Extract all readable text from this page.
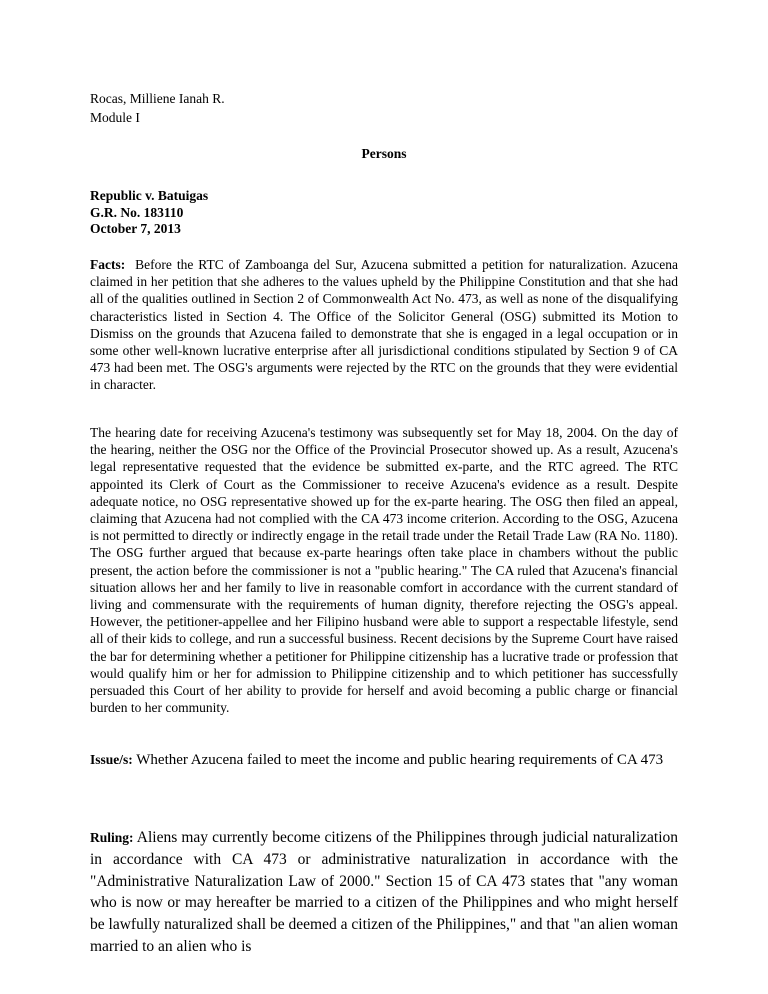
Rocas, Milliene Ianah R.
Module I
Persons
Republic v. Batuigas
G.R. No. 183110
October 7, 2013

Facts: Before the RTC of Zamboanga del Sur, Azucena submitted a petition for naturalization. Azucena claimed in her petition that she adheres to the values upheld by the Philippine Constitution and that she had all of the qualities outlined in Section 2 of Commonwealth Act No. 473, as well as none of the disqualifying characteristics listed in Section 4. The Office of the Solicitor General (OSG) submitted its Motion to Dismiss on the grounds that Azucena failed to demonstrate that she is engaged in a legal occupation or in some other well-known lucrative enterprise after all jurisdictional conditions stipulated by Section 9 of CA 473 had been met. The OSG's arguments were rejected by the RTC on the grounds that they were evidential in character.

The hearing date for receiving Azucena's testimony was subsequently set for May 18, 2004. On the day of the hearing, neither the OSG nor the Office of the Provincial Prosecutor showed up. As a result, Azucena's legal representative requested that the evidence be submitted ex-parte, and the RTC agreed. The RTC appointed its Clerk of Court as the Commissioner to receive Azucena's evidence as a result. Despite adequate notice, no OSG representative showed up for the ex-parte hearing. The OSG then filed an appeal, claiming that Azucena had not complied with the CA 473 income criterion. According to the OSG, Azucena is not permitted to directly or indirectly engage in the retail trade under the Retail Trade Law (RA No. 1180). The OSG further argued that because ex-parte hearings often take place in chambers without the public present, the action before the commissioner is not a "public hearing." The CA ruled that Azucena's financial situation allows her and her family to live in reasonable comfort in accordance with the current standard of living and commensurate with the requirements of human dignity, therefore rejecting the OSG's appeal. However, the petitioner-appellee and her Filipino husband were able to support a respectable lifestyle, send all of their kids to college, and run a successful business. Recent decisions by the Supreme Court have raised the bar for determining whether a petitioner for Philippine citizenship has a lucrative trade or profession that would qualify him or her for admission to Philippine citizenship and to which petitioner has successfully persuaded this Court of her ability to provide for herself and avoid becoming a public charge or financial burden to her community.

Issue/s: Whether Azucena failed to meet the income and public hearing requirements of CA 473

Ruling: Aliens may currently become citizens of the Philippines through judicial naturalization in accordance with CA 473 or administrative naturalization in accordance with the "Administrative Naturalization Law of 2000." Section 15 of CA 473 states that "any woman who is now or may hereafter be married to a citizen of the Philippines and who might herself be lawfully naturalized shall be deemed a citizen of the Philippines," and that "an alien woman married to an alien who is
